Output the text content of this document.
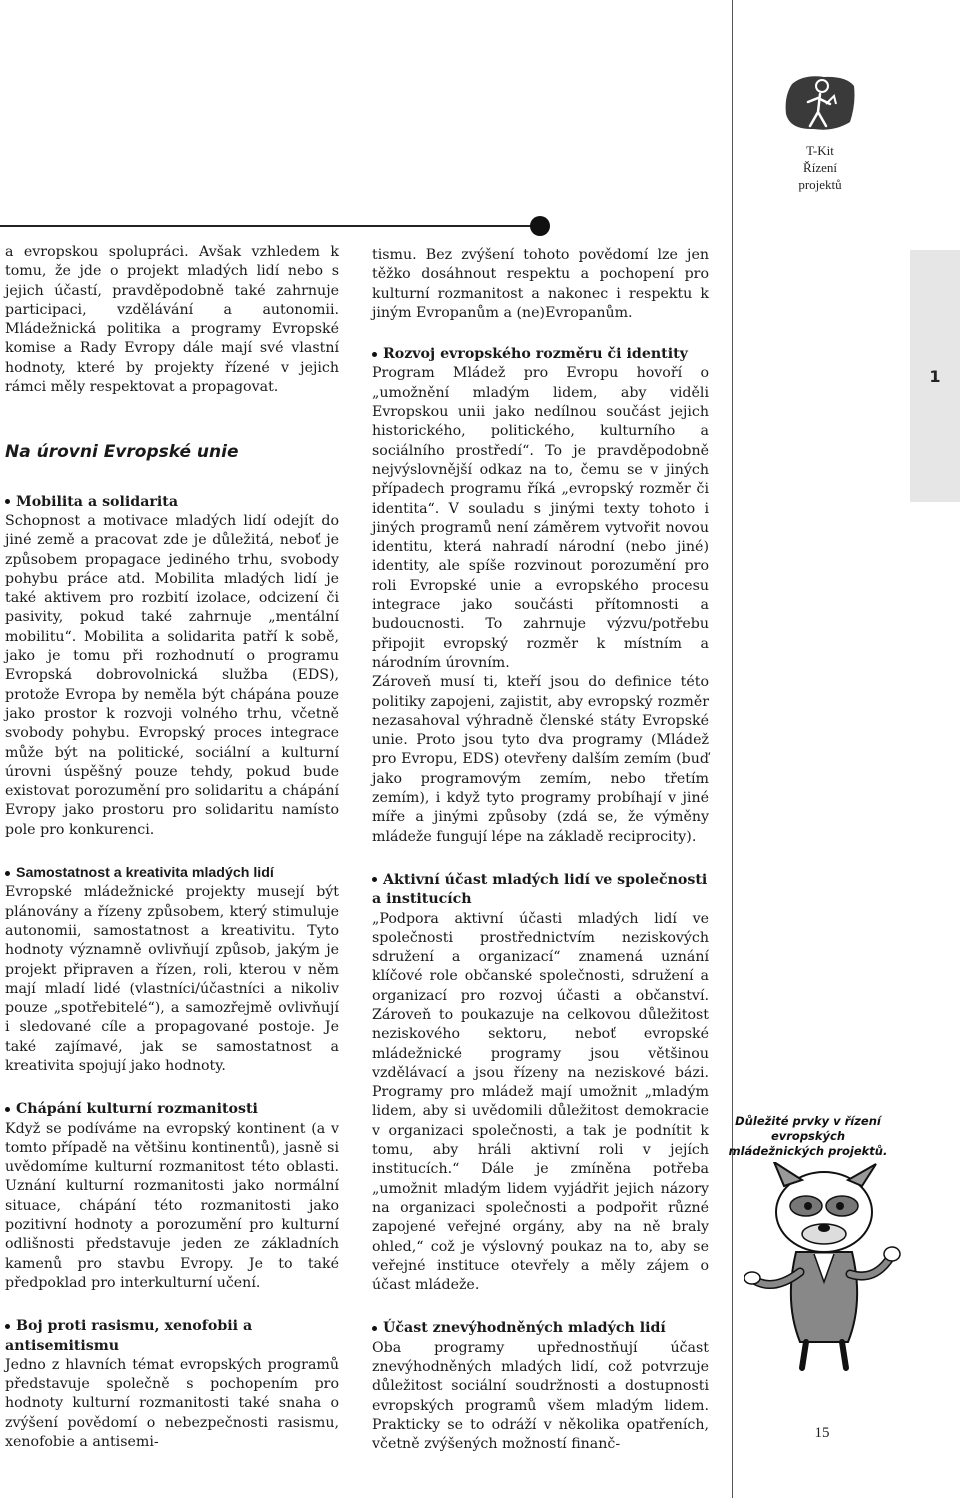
T-Kit
Řízení
projektů

a evropskou spolupráci. Avšak vzhledem k tomu, že jde o projekt mladých lidí nebo s jejich účastí, pravděpodobně také zahrnuje participaci, vzdělávání a autonomii. Mládežnická politika a programy Evropské komise a Rady Evropy dále mají své vlastní hodnoty, které by projekty řízené v jejich rámci měly respektovat a propagovat.

Na úrovni Evropské unie
Mobilita a solidarita

Schopnost a motivace mladých lidí odejít do jiné země a pracovat zde je důležitá, neboť je způsobem propagace jediného trhu, svobody pohybu práce atd. Mobilita mladých lidí je také aktivem pro rozbití izolace, odcizení či pasivity, pokud také zahrnuje „mentální mobilitu“. Mobilita a solidarita patří k sobě, jako je tomu při rozhodnutí o programu Evropská dobrovolnická služba (EDS), protože Evropa by neměla být chápána pouze jako prostor k rozvoji volného trhu, včetně svobody pohybu. Evropský proces integrace může být na politické, sociální a kulturní úrovni úspěšný pouze tehdy, pokud bude existovat porozumění pro solidaritu a chápání Evropy jako prostoru pro solidaritu namísto pole pro konkurenci.

Samostatnost a kreativita mladých lidí

Evropské mládežnické projekty musejí být plánovány a řízeny způsobem, který stimuluje autonomii, samostatnost a kreativitu. Tyto hodnoty významně ovlivňují způsob, jakým je projekt připraven a řízen, roli, kterou v něm mají mladí lidé (vlastníci/účastníci a nikoliv pouze „spotřebitelé“), a samozřejmě ovlivňují i sledované cíle a propagované postoje. Je také zajímavé, jak se samostatnost a kreativita spojují jako hodnoty.

Chápání kulturní rozmanitosti

Když se podíváme na evropský kontinent (a v tomto případě na většinu kontinentů), jasně si uvědomíme kulturní rozmanitost této oblasti. Uznání kulturní rozmanitosti jako normální situace, chápání této rozmanitosti jako pozitivní hodnoty a porozumění pro kulturní odlišnosti představuje jeden ze základních kamenů pro stavbu Evropy. Je to také předpoklad pro interkulturní učení.

Boj proti rasismu, xenofobii a antisemitismu

Jedno z hlavních témat evropských programů představuje společně s pochopením pro hodnoty kulturní rozmanitosti také snaha o zvýšení povědomí o nebezpečnosti rasismu, xenofobie a antisemi-

tismu. Bez zvýšení tohoto povědomí lze jen těžko dosáhnout respektu a pochopení pro kulturní rozmanitost a nakonec i respektu k jiným Evropanům a (ne)Evropanům.

Rozvoj evropského rozměru či identity

Program Mládež pro Evropu hovoří o „umožnění mladým lidem, aby viděli Evropskou unii jako nedílnou součást jejich historického, politického, kulturního a sociálního prostředí“. To je pravděpodobně nejvýslovnější odkaz na to, čemu se v jiných případech programu říká „evropský rozměr či identita“. V souladu s jinými texty tohoto i jiných programů není záměrem vytvořit novou identitu, která nahradí národní (nebo jiné) identity, ale spíše rozvinout porozumění pro roli Evropské unie a evropského procesu integrace jako součásti přítomnosti a budoucnosti. To zahrnuje výzvu/potřebu připojit evropský rozměr k místním a národním úrovním.

Zároveň musí ti, kteří jsou do definice této politiky zapojeni, zajistit, aby evropský rozměr nezasahoval výhradně členské státy Evropské unie. Proto jsou tyto dva programy (Mládež pro Evropu, EDS) otevřeny dalším zemím (buď jako programovým zemím, nebo třetím zemím), i když tyto programy probíhají v jiné míře a jinými způsoby (zdá se, že výměny mládeže fungují lépe na základě reciprocity).

Aktivní účast mladých lidí ve společnosti a institucích

„Podpora aktivní účasti mladých lidí ve společnosti prostřednictvím neziskových sdružení a organizací“ znamená uznání klíčové role občanské společnosti, sdružení a organizací pro rozvoj účasti a občanství. Zároveň to poukazuje na celkovou důležitost neziskového sektoru, neboť evropské mládežnické programy jsou většinou vzdělávací a jsou řízeny na neziskové bázi. Programy pro mládež mají umožnit „mladým lidem, aby si uvědomili důležitost demokracie v organizaci společnosti, a tak je podnítit k tomu, aby hráli aktivní roli v jejích institucích.“ Dále je zmíněna potřeba „umožnit mladým lidem vyjádřit jejich názory na organizaci společnosti a podpořit různé zapojené veřejné orgány, aby na ně braly ohled,“ což je výslovný poukaz na to, aby se veřejné instituce otevřely a měly zájem o účast mládeže.

Účast znevýhodněných mladých lidí

Oba programy upřednostňují účast znevýhodněných mladých lidí, což potvrzuje důležitost sociální soudržnosti a dostupnosti evropských programů všem mladým lidem. Prakticky se to odráží v několika opatřeních, včetně zvýšených možností finanč-

1
Důležité prvky v řízení evropských mládežnických projektů.
15
